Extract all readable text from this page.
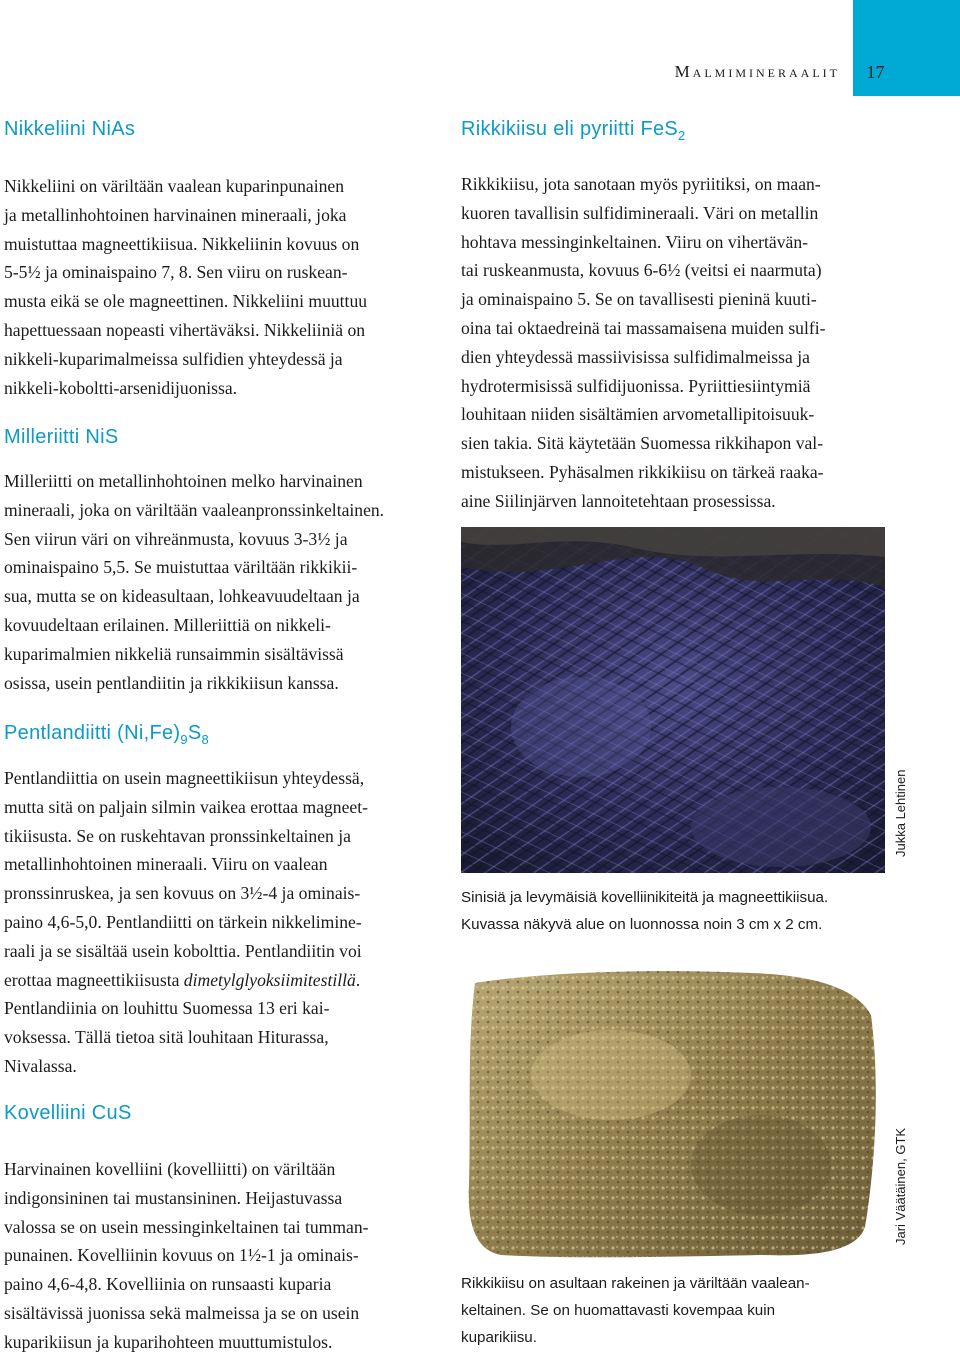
Malmimineraalit	17
Nikkeliini NiAs
Nikkeliini on väriltään vaalean kuparinpunainen
ja metallinhohtoinen harvinainen mineraali, joka
muistuttaa magneettikiisua. Nikkeliinin kovuus on
5-5½ ja ominaispaino 7, 8. Sen viiru on ruskean-
musta eikä se ole magneettinen. Nikkeliini muuttuu
hapettuessaan nopeasti vihertäväksi. Nikkeliiniä on
nikkeli-kuparimalmeissa sulfidien yhteydessä ja
nikkeli-koboltti-arsenidijuonissa.
Milleriitti NiS
Milleriitti on metallinhohtoinen melko harvinainen
mineraali, joka on väriltään vaaleanpronssinkeltainen.
Sen viirun väri on vihreänmusta, kovuus 3-3½ ja
ominaispaino 5,5. Se muistuttaa väriltään rikkikii-
sua, mutta se on kideasultaan, lohkeavuudeltaan ja
kovuudeltaan erilainen. Milleriittiä on nikkeli-
kuparimalmien nikkeliä runsaimmin sisältävissä
osissa, usein pentlandiitin ja rikkikiisun kanssa.
Pentlandiitti $(Ni,Fe)_9S_8$
Pentlandiittia on usein magneettikiisun yhteydessä,
mutta sitä on paljain silmin vaikea erottaa magneet-
tikiisusta. Se on ruskehtavan pronssinkeltainen ja
metallinhohtoinen mineraali. Viiru on vaalean
pronssinruskea, ja sen kovuus on 3½-4 ja ominais-
paino 4,6-5,0. Pentlandiitti on tärkein nikkelimine-
raali ja se sisältää usein kobolttia. Pentlandiitin voi
erottaa magneettikiisusta dimetylglyoksiimitestillä.
Pentlandiinia on louhittu Suomessa 13 eri kai-
voksessa. Tällä tietoa sitä louhitaan Hiturassa,
Nivalassa.
Kovelliini CuS
Harvinainen kovelliini (kovelliitti) on väriltään
indigonsininen tai mustansininen. Heijastuvassa
valossa se on usein messinginkeltainen tai tumman-
punainen. Kovelliinin kovuus on 1½-1 ja ominais-
paino 4,6-4,8. Kovelliinia on runsaasti kuparia
sisältävissä juonissa sekä malmeissa ja se on usein
kuparikiisun ja kuparihohteen muuttumistulos.
Rikkikiisu eli pyriitti FeS$_2$
Rikkikiisu, jota sanotaan myös pyriitiksi, on maan-
kuoren tavallisin sulfidimineraali. Väri on metallin
hohtava messinginkeltainen. Viiru on vihertävän-
tai ruskeanmusta, kovuus 6-6½ (veitsi ei naarmuta)
ja ominaispaino 5. Se on tavallisesti pieninä kuuti-
oina tai oktaedreinä tai massamaisena muiden sulfi-
dien yhteydessä massiivisissa sulfidimalmeissa ja
hydrotermisissä sulfidijuonissa. Pyriittiesiintymiä
louhitaan niiden sisältämien arvometallipitoisuuk-
sien takia. Sitä käytetään Suomessa rikkihapon val-
mistukseen. Pyhäsalmen rikkikiisu on tärkeä raaka-
aine Siilinjärven lannoitetehtaan prosessissa.
Jukka Lehtinen
Sinisiä ja levymäisiä kovelliinikiteitä ja magneettikiisua.
Kuvassa näkyvä alue on luonnossa noin 3 cm x 2 cm.
Jari Väätäinen, GTK
Rikkikiisu on asultaan rakeinen ja väriltään vaalean-
keltainen. Se on huomattavasti kovempaa kuin
kuparikiisu.
